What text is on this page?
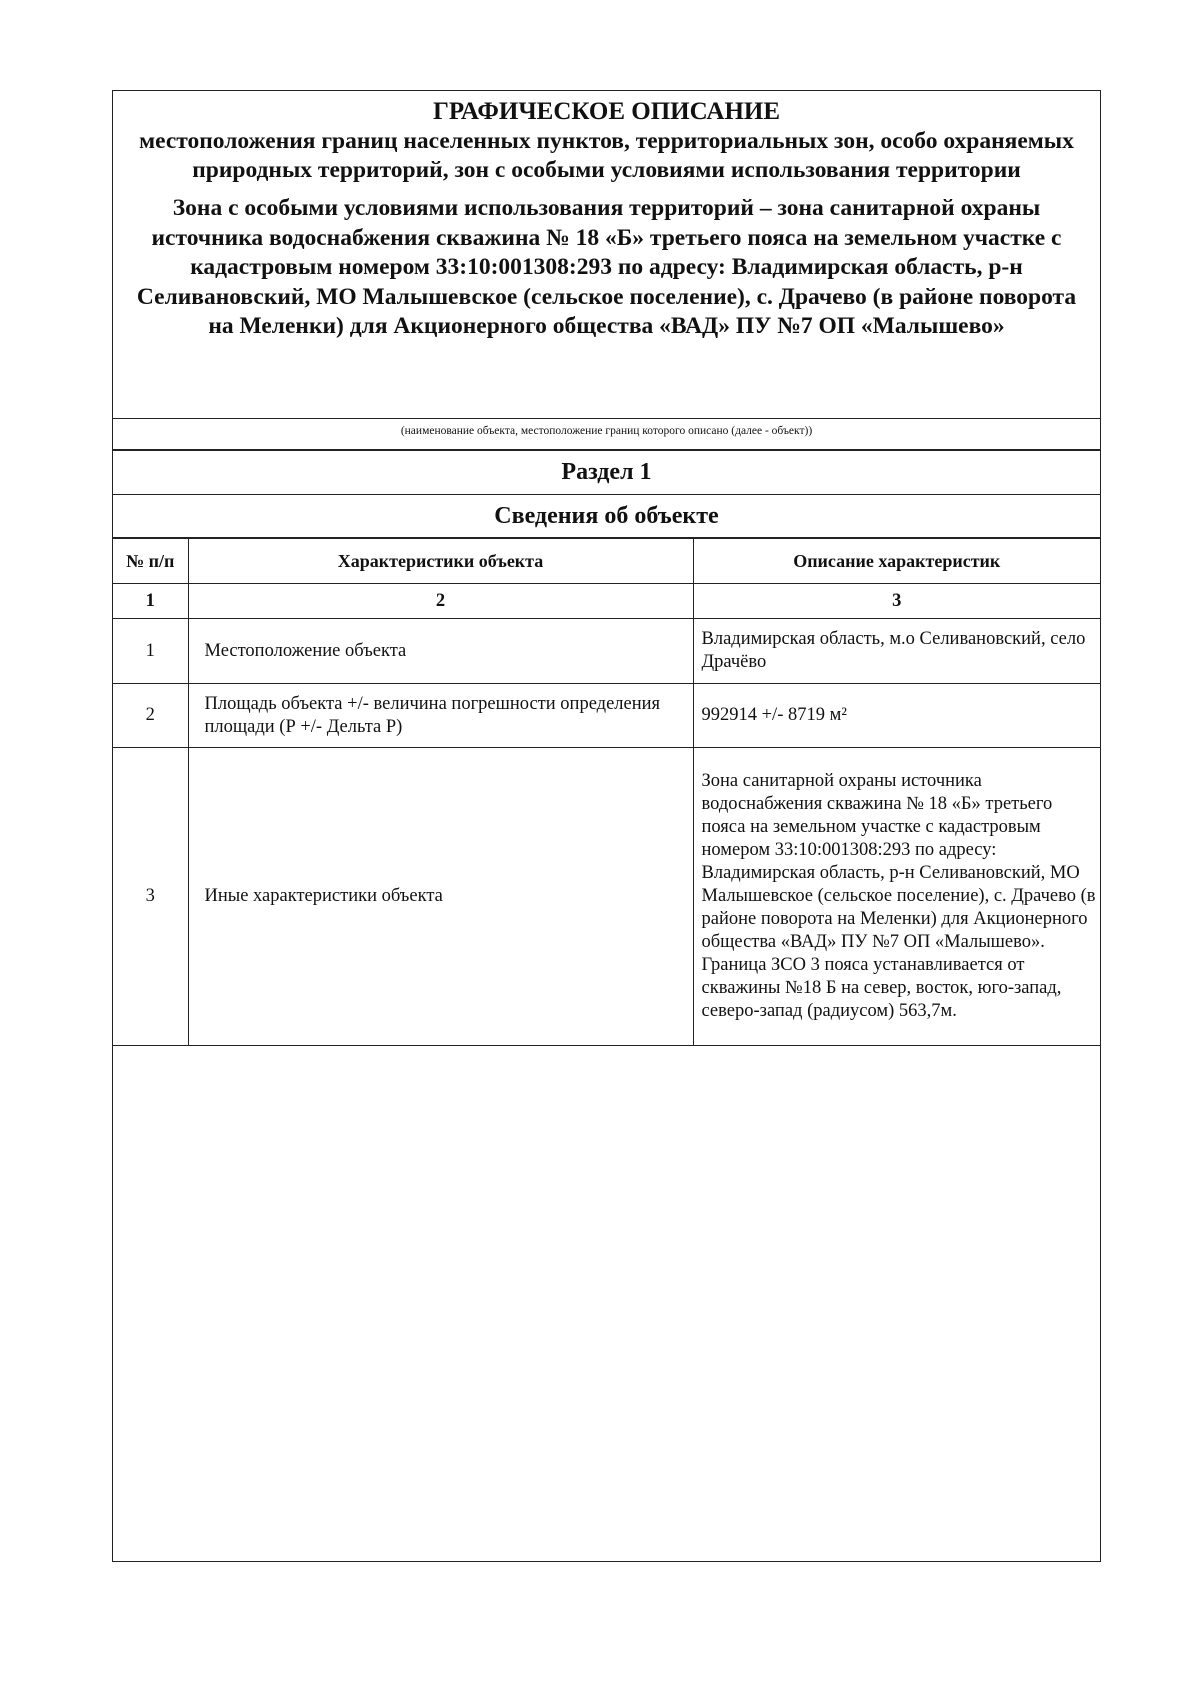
ГРАФИЧЕСКОЕ ОПИСАНИЕ
местоположения границ населенных пунктов, территориальных зон, особо охраняемых природных территорий, зон с особыми условиями использования территории
Зона с особыми условиями использования территорий – зона санитарной охраны источника водоснабжения скважина № 18 «Б» третьего пояса на земельном участке с кадастровым номером 33:10:001308:293 по адресу: Владимирская область, р-н Селивановский, МО Малышевское (сельское поселение), с. Драчево (в районе поворота на Меленки) для Акционерного общества «ВАД» ПУ №7 ОП «Малышево»
(наименование объекта, местоположение границ которого описано (далее - объект))
Раздел 1
Сведения об объекте
№ п/п	Характеристики объекта	Описание характеристик
1	2	3
1	Местоположение объекта	Владимирская область, м.о Селивановский, село Драчёво
2	Площадь объекта +/- величина погрешности определения площади (Р +/- Дельта Р)	992914 +/- 8719 м²
3	Иные характеристики объекта	Зона санитарной охраны источника водоснабжения скважина № 18 «Б» третьего пояса на земельном участке с кадастровым номером 33:10:001308:293 по адресу: Владимирская область, р-н Селивановский, МО Малышевское (сельское поселение), с. Драчево (в районе поворота на Меленки) для Акционерного общества «ВАД» ПУ №7 ОП «Малышево». Граница ЗСО 3 пояса устанавливается от скважины №18 Б на север, восток, юго-запад, северо-запад (радиусом) 563,7м.
